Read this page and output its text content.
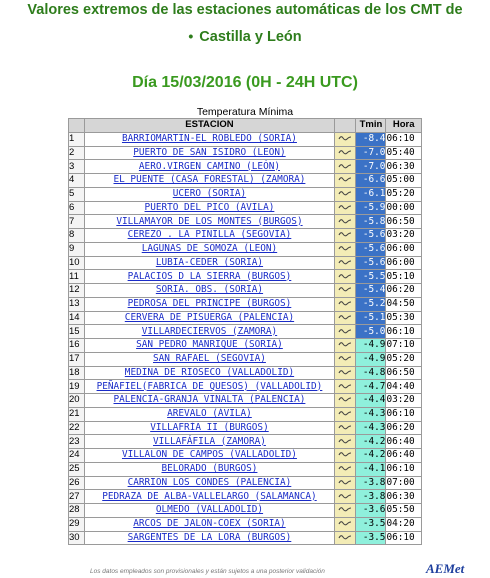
Valores extremos de las estaciones automáticas de los CMT de
• Castilla y León
Día 15/03/2016 (0H - 24H UTC)
Temperatura Mínima
	ESTACION		Tmin	Hora
1	BARRIOMARTIN-EL ROBLEDO (SORIA)		-8.4	06:10
2	PUERTO DE SAN ISIDRO (LEÓN)		-7.0	05:40
3	AERO.VIRGEN CAMINO (LEÓN)		-7.0	06:30
4	EL PUENTE (CASA FORESTAL) (ZAMORA)		-6.6	05:00
5	UCERO (SORIA)		-6.1	05:20
6	PUERTO DEL PICO (ÁVILA)		-5.9	00:00
7	VILLAMAYOR DE LOS MONTES (BURGOS)		-5.8	06:50
8	CEREZO . LA PINILLA (SEGOVIA)		-5.6	03:20
9	LAGUNAS DE SOMOZA (LEÓN)		-5.6	06:00
10	LUBIA-CEDER (SORIA)		-5.6	06:00
11	PALACIOS D LA SIERRA (BURGOS)		-5.5	05:10
12	SORIA. OBS. (SORIA)		-5.4	06:20
13	PEDROSA DEL PRÍNCIPE (BURGOS)		-5.2	04:50
14	CERVERA DE PISUERGA (PALENCIA)		-5.1	05:30
15	VILLARDECIERVOS (ZAMORA)		-5.0	06:10
16	SAN PEDRO MANRIQUE (SORIA)		-4.9	07:10
17	SAN RAFAEL (SEGOVIA)		-4.9	05:20
18	MEDINA DE RIOSECO (VALLADOLID)		-4.8	06:50
19	PEÑAFIEL(FABRICA DE QUESOS) (VALLADOLID)		-4.7	04:40
20	PALENCIA-GRANJA VIÑALTA (PALENCIA)		-4.4	03:20
21	AREVALO (ÁVILA)		-4.3	06:10
22	VILLAFRÍA II (BURGOS)		-4.3	06:20
23	VILLAFÁFILA (ZAMORA)		-4.2	06:40
24	VILLALÓN DE CAMPOS (VALLADOLID)		-4.2	06:40
25	BELORADO (BURGOS)		-4.1	06:10
26	CARRION LOS CONDES (PALENCIA)		-3.8	07:00
27	PEDRAZA DE ALBA-VALLELARGO (SALAMANCA)		-3.8	06:30
28	OLMEDO (VALLADOLID)		-3.6	05:50
29	ARCOS DE JALÓN-COEX (SORIA)		-3.5	04:20
30	SARGENTES DE LA LORA (BURGOS)		-3.5	06:10
Los datos empleados son provisionales y están sujetos a una posterior validación	AEMet
